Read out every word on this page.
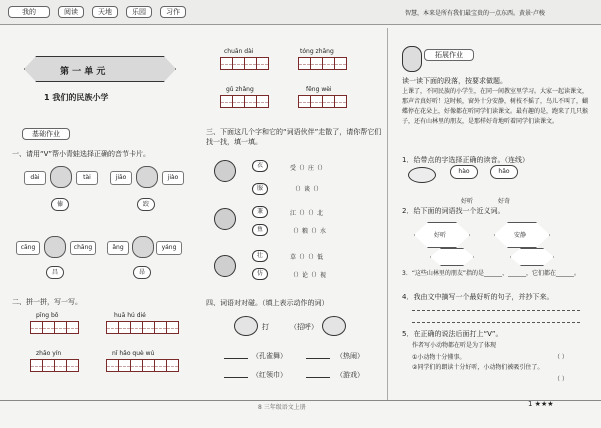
我的	阅读	天地	乐园	习作	智慧，本来是所有我们最宝贵的一点东西。黄景·卢梭
第 一 单 元
1 我们的民族小学
基础作业
一、请用“V”帮小青蛙选择正确的音节卡片。
dài	tài	jiāo	jiào
傣	跤
cāng	chāng	ǎng	yáng
昌	昂
二、拼一拼，写一写。
pīng bō	huā hú dié
zhāo yín	nǐ hǎo què wú
chuān dài	tóng zhāng
gǔ zhǎng	fēng wèi
三、下面这几个字和它的“词语伙伴”走散了，请你帮它们找一找，填一填。
衣
服
兼
鱼
壮
仿
受（）庄（）
（）谈（）
江（）（）北
（）粮（）水
草（）（）低
（）论（）视
四、词语对对碰。（填上表示动作的词）
打	（招呼）
（孔雀舞）	（热闹）
（红领巾）	（游戏）
拓展作业
读一读下面的段落，按要求做题。
上课了，不同民族的小学生，在同一间教室里学习。大家一起读课文，那声音真好听！这时候，窗外十分安静，树枝不摇了，鸟儿不叫了，蝴蝶停在花朵上，好像都在听同学们读课文。最有趣的是，跑来了几只猴子，还有山林里的朋友，是那样好奇地听着同学们读课文。
1．给带点的字选择正确的读音。（连线）
hào	hǎo
好听	好奇
2．给下面的词语找一个近义词。
好听	安静
3．“这些山林里的朋友”指的是______、______，它们都在______。
4．我由文中摘写一个最好听的句子，并抄下来。
5．在正确的说法后面打上“V”。
作者写小动物都在听是为了体现
①小动物十分懂事。	（ ）
②同学们的朗读十分好听，小动物们被吸引住了。
（ ）
8 三年级语文上册	1 ★★★
